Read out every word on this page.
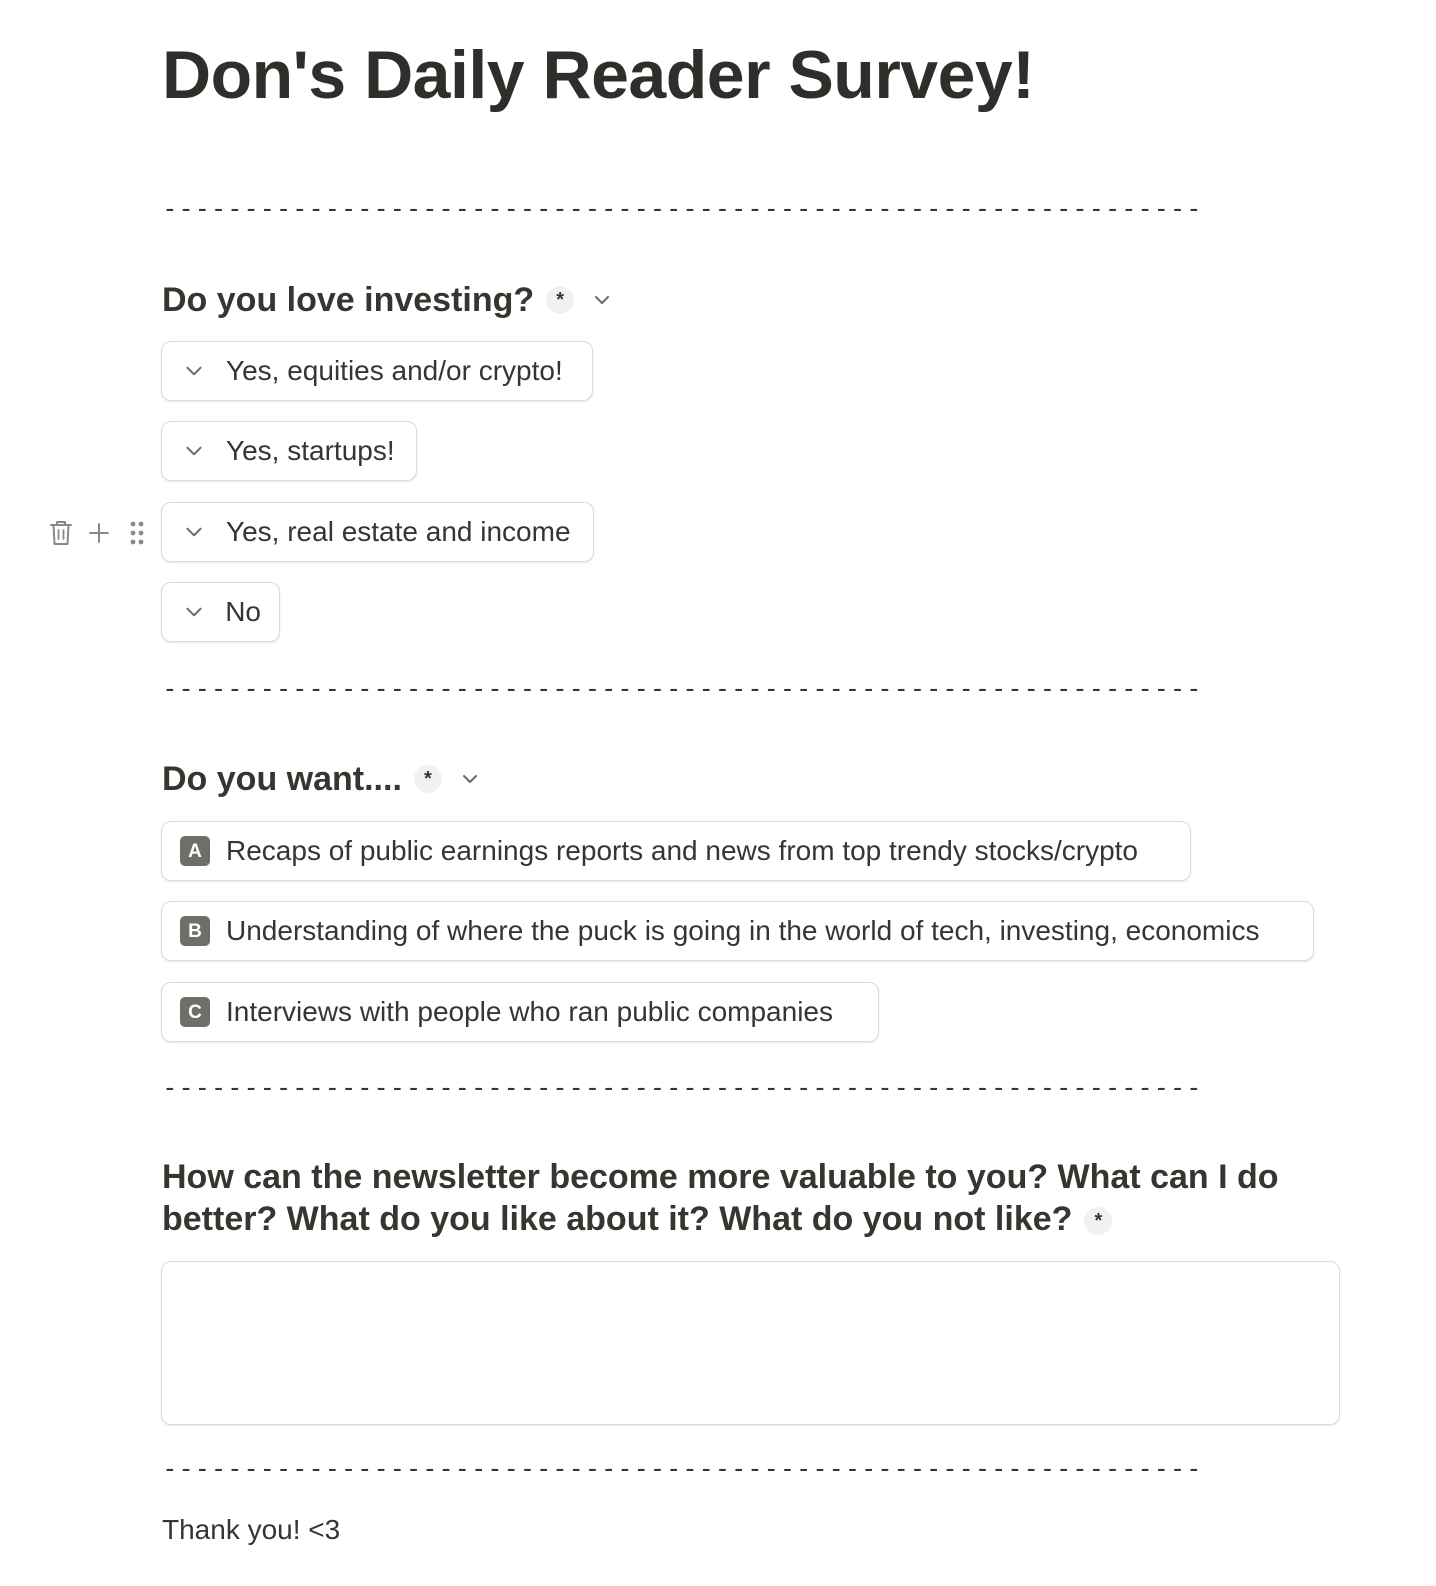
Don's Daily Reader Survey!
----------------------------------------------------------------
Do you love investing?	*
Yes, equities and/or crypto!
Yes, startups!
Yes, real estate and income
No
----------------------------------------------------------------
Do you want....	*
A Recaps of public earnings reports and news from top trendy stocks/crypto
B Understanding of where the puck is going in the world of tech, investing, economics
C Interviews with people who ran public companies
----------------------------------------------------------------
How can the newsletter become more valuable to you? What can I do better? What do you like about it? What do you not like? *
----------------------------------------------------------------
Thank you! <3
